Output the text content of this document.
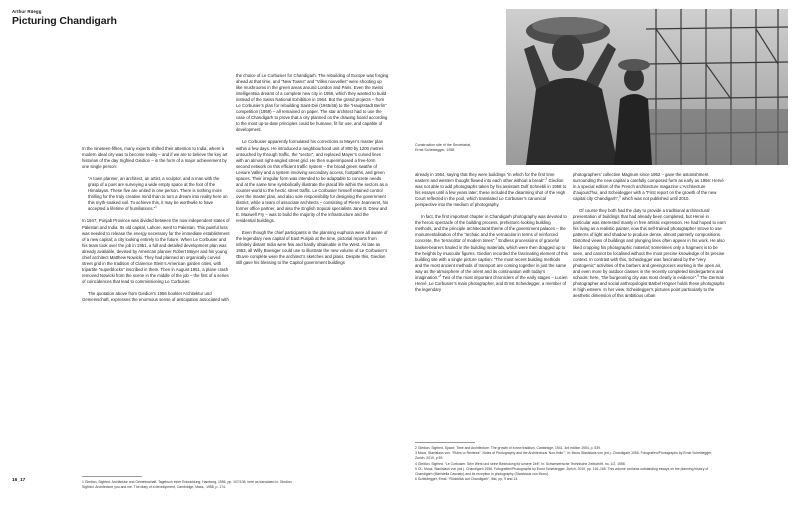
Arthur Rüegg
Picturing Chandigarh
Construction site of the Secretariat,
Ernst Scheidegger, 1958

In the nineteen-fifties, many experts shifted their attention to India, where a modern ideal city was to become reality – and if we are to believe the key art historian of the day Sigfried Giedion – in the form of a major achievement by one single person:

“A town planner, an architect, an artist, a sculptor, and a man with the grasp of a poet are surveying a wide empty space at the foot of the Himalayas. These five are united in one person. There is nothing more thrilling for the truly creative mind than to turn a dream into reality here on this myth-soaked soil. To achieve this, it may be worthwile to have accepted a lifetime of humiliations.”$^1$

In 1947, Punjab Province was divided between the now independent states of Pakistan and India. Its old capital, Lahore, went to Pakistan. This painful loss was needed to release the energy necessary for the immediate establishment of a new capital; a city looking entirely to the future. When Le Corbusier and his team took over the job in 1951, a full and detailed development plan was already available, devised by American planner Robert Mayer and his young chief architect Matthew Nowicki. They had planned an organically curved street grid in the tradition of Clarence Stein’s American garden cities, with tripartite “superblocks” inscribed in them. Then in August 1951, a plane crash removed Nowicki from the scene in the middle of the job – the first of a series of coincidences that lead to commissioning Le Corbusier.

The quotation above from Giedion’s 1956 booklet Architektur und Gemeinschaft, expresses the enormous sense of anticipation associated with

the choice of Le Corbusier for Chandigarh. The rebuilding of Europe was forging ahead at that time, and “New Towns” and “Villes nouvelles” were shooting up like mushrooms in the green areas around London and Paris. Even the Swiss intelligentsia dreamt of a complete new city in 1956, which they wanted to build instead of the Swiss National Exhibition in 1964. But the grand projects – from Le Corbusier’s plan for rebuilding Saint-Dié (1945/46) to the “Hauptstadt Berlin” competition (1959) – all remained on paper. The star architect had to use the case of Chandigarh to prove that a city planned on the drawing board according to the most up-to-date principles could be humane, fit for use, and capable of development.

Le Corbusier apparently formulated his corrections to Mayer’s master plan within a few days. He introduced a neighbourhood unit of 800 by 1200 metres untouched by through traffic, the “sector”, and replaced Mayer’s curved lines with an almost right-angled street grid. He then superimposed a free-form second network on this efficient traffic system – the broad green swathe of Leisure Valley and a system involving secondary access, footpaths, and green spaces. Their irregular form was intended to be adaptable to concrete needs and at the same time symbolically illustrate the placid life within the sectors as a counter-world to the hectic street traffic. Le Corbusier himself retained control over the master plan, and also sole responsibility for designing the government district, while a team of associate architects – consisting of Pierre Jeanneret, his former office partner, and also the English tropical specialists Jane B. Drew and E. Maxwell Fry – was to build the majority of the infrastructure and the residential buildings.

Even though the chief participants in the planning euphoria were all aware of the legendary new capital of East Punjab at the time, pictorial reports from infinitely distant India were few and hardly obtainable in the West. As late as 1953, all Willy Boesiger could use to illustrate the new volume of Le Corbusier’s Œuvre complète were the architect’s sketches and plans. Despite this, Giedion still gave his blessing to the Capitol government buildings

already in 1954, saying that they were buildings “in which for the first time eastern and western thought flowed into each other without a break”.$^2$ Giedion was not able to add photographs taken by his assistant Dolf Schnebli in 1958 to his essays until a few years later; these included the disarming shot of the High Court reflected in the pool, which translated Le Corbusier’s canonical perspective into the medium of photography.

In fact, the first important chapter in Chandigarh photography was devoted to the heroic spectacle of the building process, prehistoric-looking building methods, and the principle architectural theme of the government palaces – the monumentalisation of the “archaic and the vernacular in terms of reinforced concrete, the ‘terracotta’ of modern times”.$^3$ Endless processions of graceful basket-bearers hauled in the building materials, which were then dragged up to the heights by muscular figures. Giedion recorded the fascinating element of this building site with a single picture caption: “The most recent building methods and the most ancient methods of transport are coming together in just the same way as the atmosphere of the orient and its continuation with today’s imagination.”$^4$ Two of the most important chroniclers of the early stages – Lucien Hervé, Le Corbusier’s main photographer, and Ernst Scheidegger, a member of the legendary

photographers’ collective Magnum since 1952 – gave the astonishment surrounding the new capital a carefully composed form as early as 1956: Hervé in a special edition of the French architecture magazine L’Architecture d’aujourd’hui, and Scheidegger with a “First report on the growth of the new capital city Chandigarh”,$^5$ which was not published until 2010.

Of course they both had the duty to provide a traditional architectural presentation of buildings that had already been completed, but Hervé in particular was interested mainly in free artistic expression. He had hoped to earn his living as a realistic painter, now this self-trained photographer strove to use patterns of light and shadow to produce dense, almost painterly compositions. Distorted views of buildings and plunging lines often appear in his work. He also liked cropping his photographic material; sometimes only a fragment is to be seen, and cannot be localised without the most precise knowledge of its precise context. In contrast with this, Scheidegger was fascinated by the “very photogenic” activities of the barbers and greengrocers working in the open air, and even more by outdoor classes in the recently completed kindergartens and schools: here, “the burgeoning city was most clearly in evidence”.$^6$ The German photographer and social anthropologist Bärbel Högner holds these photographs in high esteem. In her view, Scheidegger’s pictures point particularly to the aesthetic dimension of this ambitious urban

2 Giedion, Sigfried. Space, Time and Architecture. The growth of a new tradition, Cambridge, 1941, 3rd edition 1954, p. 539.

3 Moos, Stanislaus von. “Ruins or Reviews”. Notes of Photography and the Architectural ‘Non-finito’”, in: Moos Stanislaus von (ed.). Chandigarh 1956. Fotografien/Photographs by Ernst Scheidegger, Zurich, 2010, p 59.

4 Giedion, Sigfried. “Le Corbusier. Sein Werk und seine Bedeutung für unsere Zeit”, in: Schweizerische Technische Zeitschrift, no. 1/2, 1958.

5 Cf.: Moos, Stanislaus von (ed.). Chandigarh 1956. Fotografien/Photographs by Ernst Scheidegger, Zurich, 2010, pp. 116–165. This volume contains outstanding essays on the planning history of Chandigarh (Maristella Casciato) and its reception in photography (Stanislaus von Moos).

6 Scheidegger, Ernst. “Rückblick auf Chandigarh”, ibid, pp. 9 and 13.

1 Giedion, Sigfried. Architektur und Gemeinschaft. Tagebuch einer Entwicklung, Hamburg, 1956, pp. 107/108; here as translated in: Giedion,

Sigfried. Architecture you and me. The diary of a development, Cambridge, Mass., 1958, p. 174.

16_17
